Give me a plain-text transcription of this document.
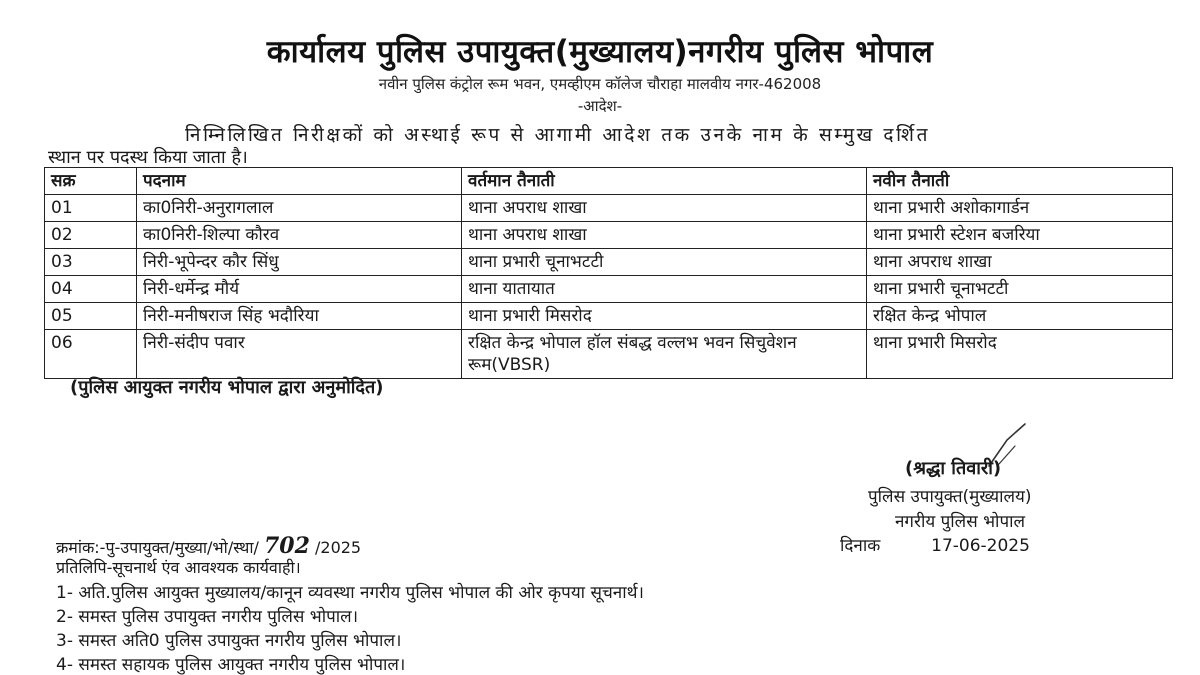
कार्यालय पुलिस उपायुक्त(मुख्यालय)नगरीय पुलिस भोपाल
नवीन पुलिस कंट्रोल रूम भवन, एमव्हीएम कॉलेज चौराहा मालवीय नगर-462008
-आदेश-
निम्निलिखित निरीक्षकों को अस्थाई रूप से आगामी आदेश तक उनके नाम के सम्मुख दर्शित
स्थान पर पदस्थ किया जाता है।
सक्र	पदनाम	वर्तमान तैनाती	नवीन तैनाती
01	का0निरी-अनुरागलाल	थाना अपराध शाखा	थाना प्रभारी अशोकागार्डन
02	का0निरी-शिल्पा कौरव	थाना अपराध शाखा	थाना प्रभारी स्टेशन बजरिया
03	निरी-भूपेन्दर कौर सिंधु	थाना प्रभारी चूनाभटटी	थाना अपराध शाखा
04	निरी-धर्मेन्द्र मौर्य	थाना यातायात	थाना प्रभारी चूनाभटटी
05	निरी-मनीषराज सिंह भदौरिया	थाना प्रभारी मिसरोद	रक्षित केन्द्र भोपाल
06	निरी-संदीप पवार	रक्षित केन्द्र भोपाल हॉल संबद्ध वल्लभ भवन सिचुवेशन रूम(VBSR)	थाना प्रभारी मिसरोद
(पुलिस आयुक्त नगरीय भोपाल द्वारा अनुमोदित)
(श्रद्धा तिवारी)
पुलिस उपायुक्त(मुख्यालय)
नगरीय पुलिस भोपाल
क्रमांक:-पु-उपायुक्त/मुख्या/भो/स्था/ 702 /2025	दिनाक	17-06-2025
प्रतिलिपि-सूचनार्थ एंव आवश्यक कार्यवाही।
1- अति.पुलिस आयुक्त मुख्यालय/कानून व्यवस्था नगरीय पुलिस भोपाल की ओर कृपया सूचनार्थ।
2- समस्त पुलिस उपायुक्त नगरीय पुलिस भोपाल।
3- समस्त अति0 पुलिस उपायुक्त नगरीय पुलिस भोपाल।
4- समस्त सहायक पुलिस आयुक्त नगरीय पुलिस भोपाल।
